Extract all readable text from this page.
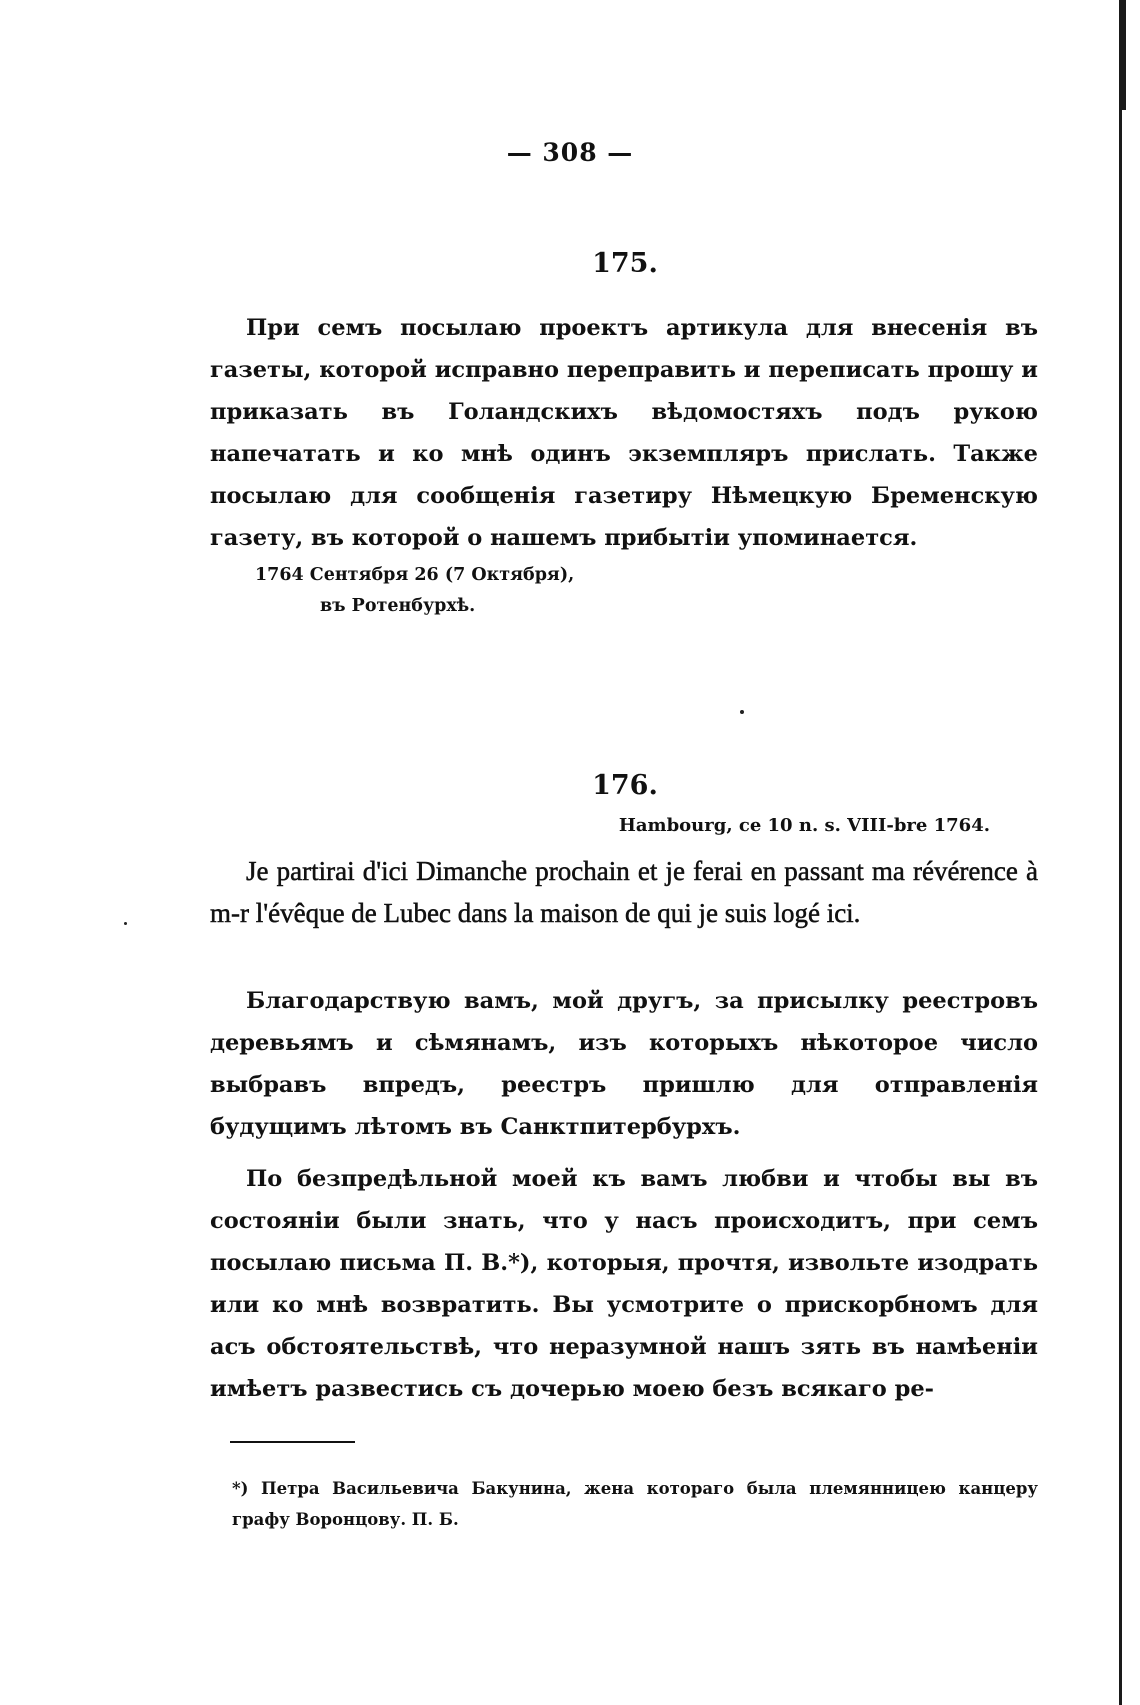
— 308 —
175.

При семъ посылаю проектъ артикула для внесенія въ газеты, которой исправно переправить и переписать прошу и приказать въ Голандскихъ вѣдомостяхъ подъ рукою напечатать и ко мнѣ одинъ экземпляръ прислать. Также посылаю для сообщенія газетиру Нѣмецкую Бременскую газету, въ которой о нашемъ прибытіи упоминается.

1764 Сентября 26 (7 Октября),
въ Ротенбурхѣ.
176.
Hambourg, ce 10 n. s. VIII-bre 1764.

Je partirai d'ici Dimanche prochain et je ferai en passant ma révérence à m-r l'évêque de Lubec dans la maison de qui je suis logé ici.

Благодарствую вамъ, мой другъ, за присылку реестровъ деревьямъ и сѣмянамъ, изъ которыхъ нѣкоторое число выбравъ впредъ, реестръ пришлю для отправленія будущимъ лѣтомъ въ Санктпитербурхъ.

По безпредѣльной моей къ вамъ любви и чтобы вы въ состояніи были знать, что у насъ происходитъ, при семъ посылаю письма П. В.*), которыя, прочтя, извольте изодрать или ко мнѣ возвратить. Вы усмотрите о прискорбномъ для асъ обстоятельствѣ, что неразумной нашъ зять въ намѣеніи имѣетъ развестись съ дочерью моею безъ всякаго ре-

*) Петра Васильевича Бакунина, жена котораго была племянницею канцеру графу Воронцову. П. Б.
